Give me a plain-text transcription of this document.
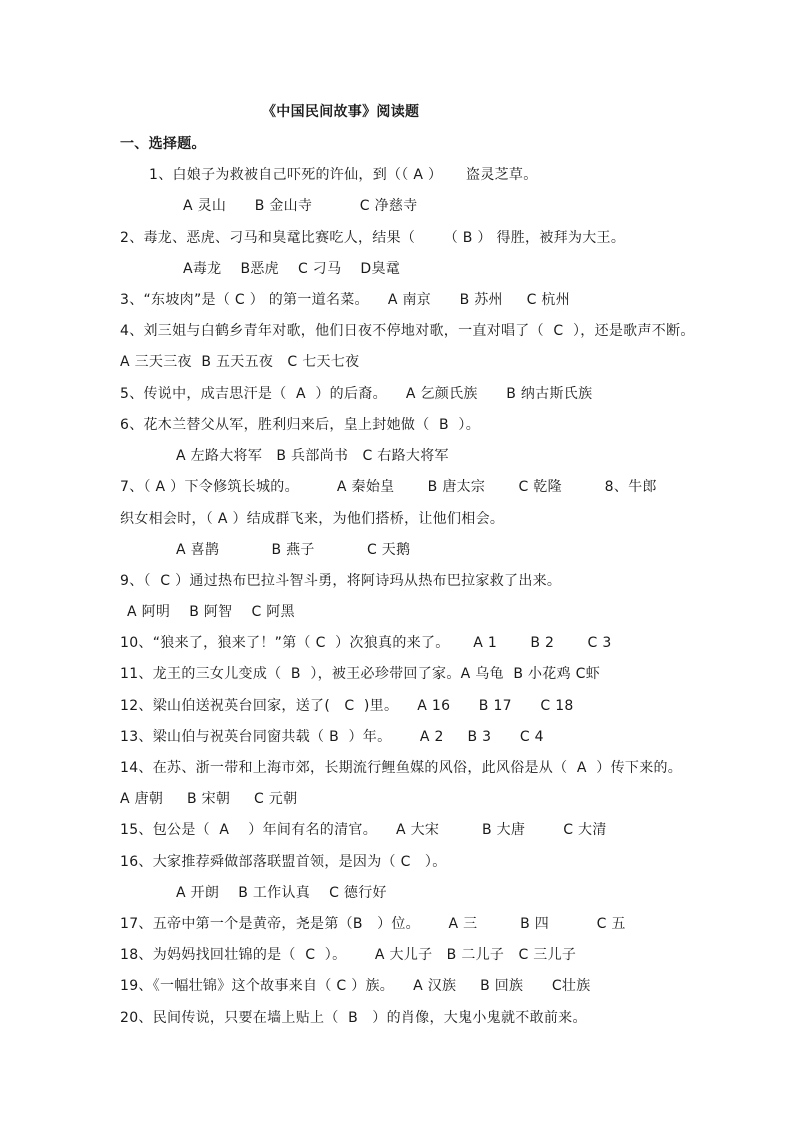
《中国民间故事》阅读题
一、选择题。
1、白娘子为救被自己吓死的许仙，到（（ A ）     盗灵芝草。
A 灵山      B 金山寺          C 净慈寺
2、毒龙、恶虎、刁马和臭鼋比赛吃人，结果（      （ B ） 得胜，被拜为大王。
A毒龙    B恶虎    C 刁马    D臭鼋
3、“东坡肉”是（ C ） 的第一道名菜。    A 南京      B 苏州     C 杭州
4、刘三姐与白鹤乡青年对歌，他们日夜不停地对歌，一直对唱了（  C  ），还是歌声不断。
A 三天三夜  B 五天五夜   C 七天七夜
5、传说中，成吉思汗是（  A  ）的后裔。    A 乞颜氏族      B 纳古斯氏族
6、花木兰替父从军，胜利归来后，皇上封她做（  B  ）。
A 左路大将军   B 兵部尚书   C 右路大将军
7、（ A ）下令修筑长城的。        A 秦始皇       B 唐太宗       C 乾隆         8、牛郎
织女相会时，（ A ）结成群飞来，为他们搭桥，让他们相会。
A 喜鹊           B 燕子           C 天鹅
9、（  C ）通过热布巴拉斗智斗勇，将阿诗玛从热布巴拉家救了出来。
A 阿明    B 阿智    C 阿黑
10、“狼来了，狼来了！”第（ C  ）次狼真的来了。     A 1       B 2       C 3
11、龙王的三女儿变成（  B  ），被王必珍带回了家。A 乌龟  B 小花鸡 C虾
12、梁山伯送祝英台回家，送了(   C  )里。    A 16      B 17      C 18
13、梁山伯与祝英台同窗共载（ B  ）年。      A 2     B 3      C 4
14、在苏、浙一带和上海市郊，长期流行鲤鱼媒的风俗，此风俗是从（  A  ）传下来的。
A 唐朝     B 宋朝     C 元朝
15、包公是（  A    ）年间有名的清官。    A 大宋         B 大唐        C 大清
16、大家推荐舜做部落联盟首领，是因为（ C   ）。
A 开朗    B 工作认真    C 德行好
17、五帝中第一个是黄帝，尧是第（B   ）位。      A 三         B 四          C 五
18、为妈妈找回壮锦的是（  C  ）。      A 大儿子   B 二儿子   C 三儿子
19、《一幅壮锦》这个故事来自（ C ）族。    A 汉族     B 回族      C壮族
20、民间传说，只要在墙上贴上（  B   ）的肖像，大鬼小鬼就不敢前来。
